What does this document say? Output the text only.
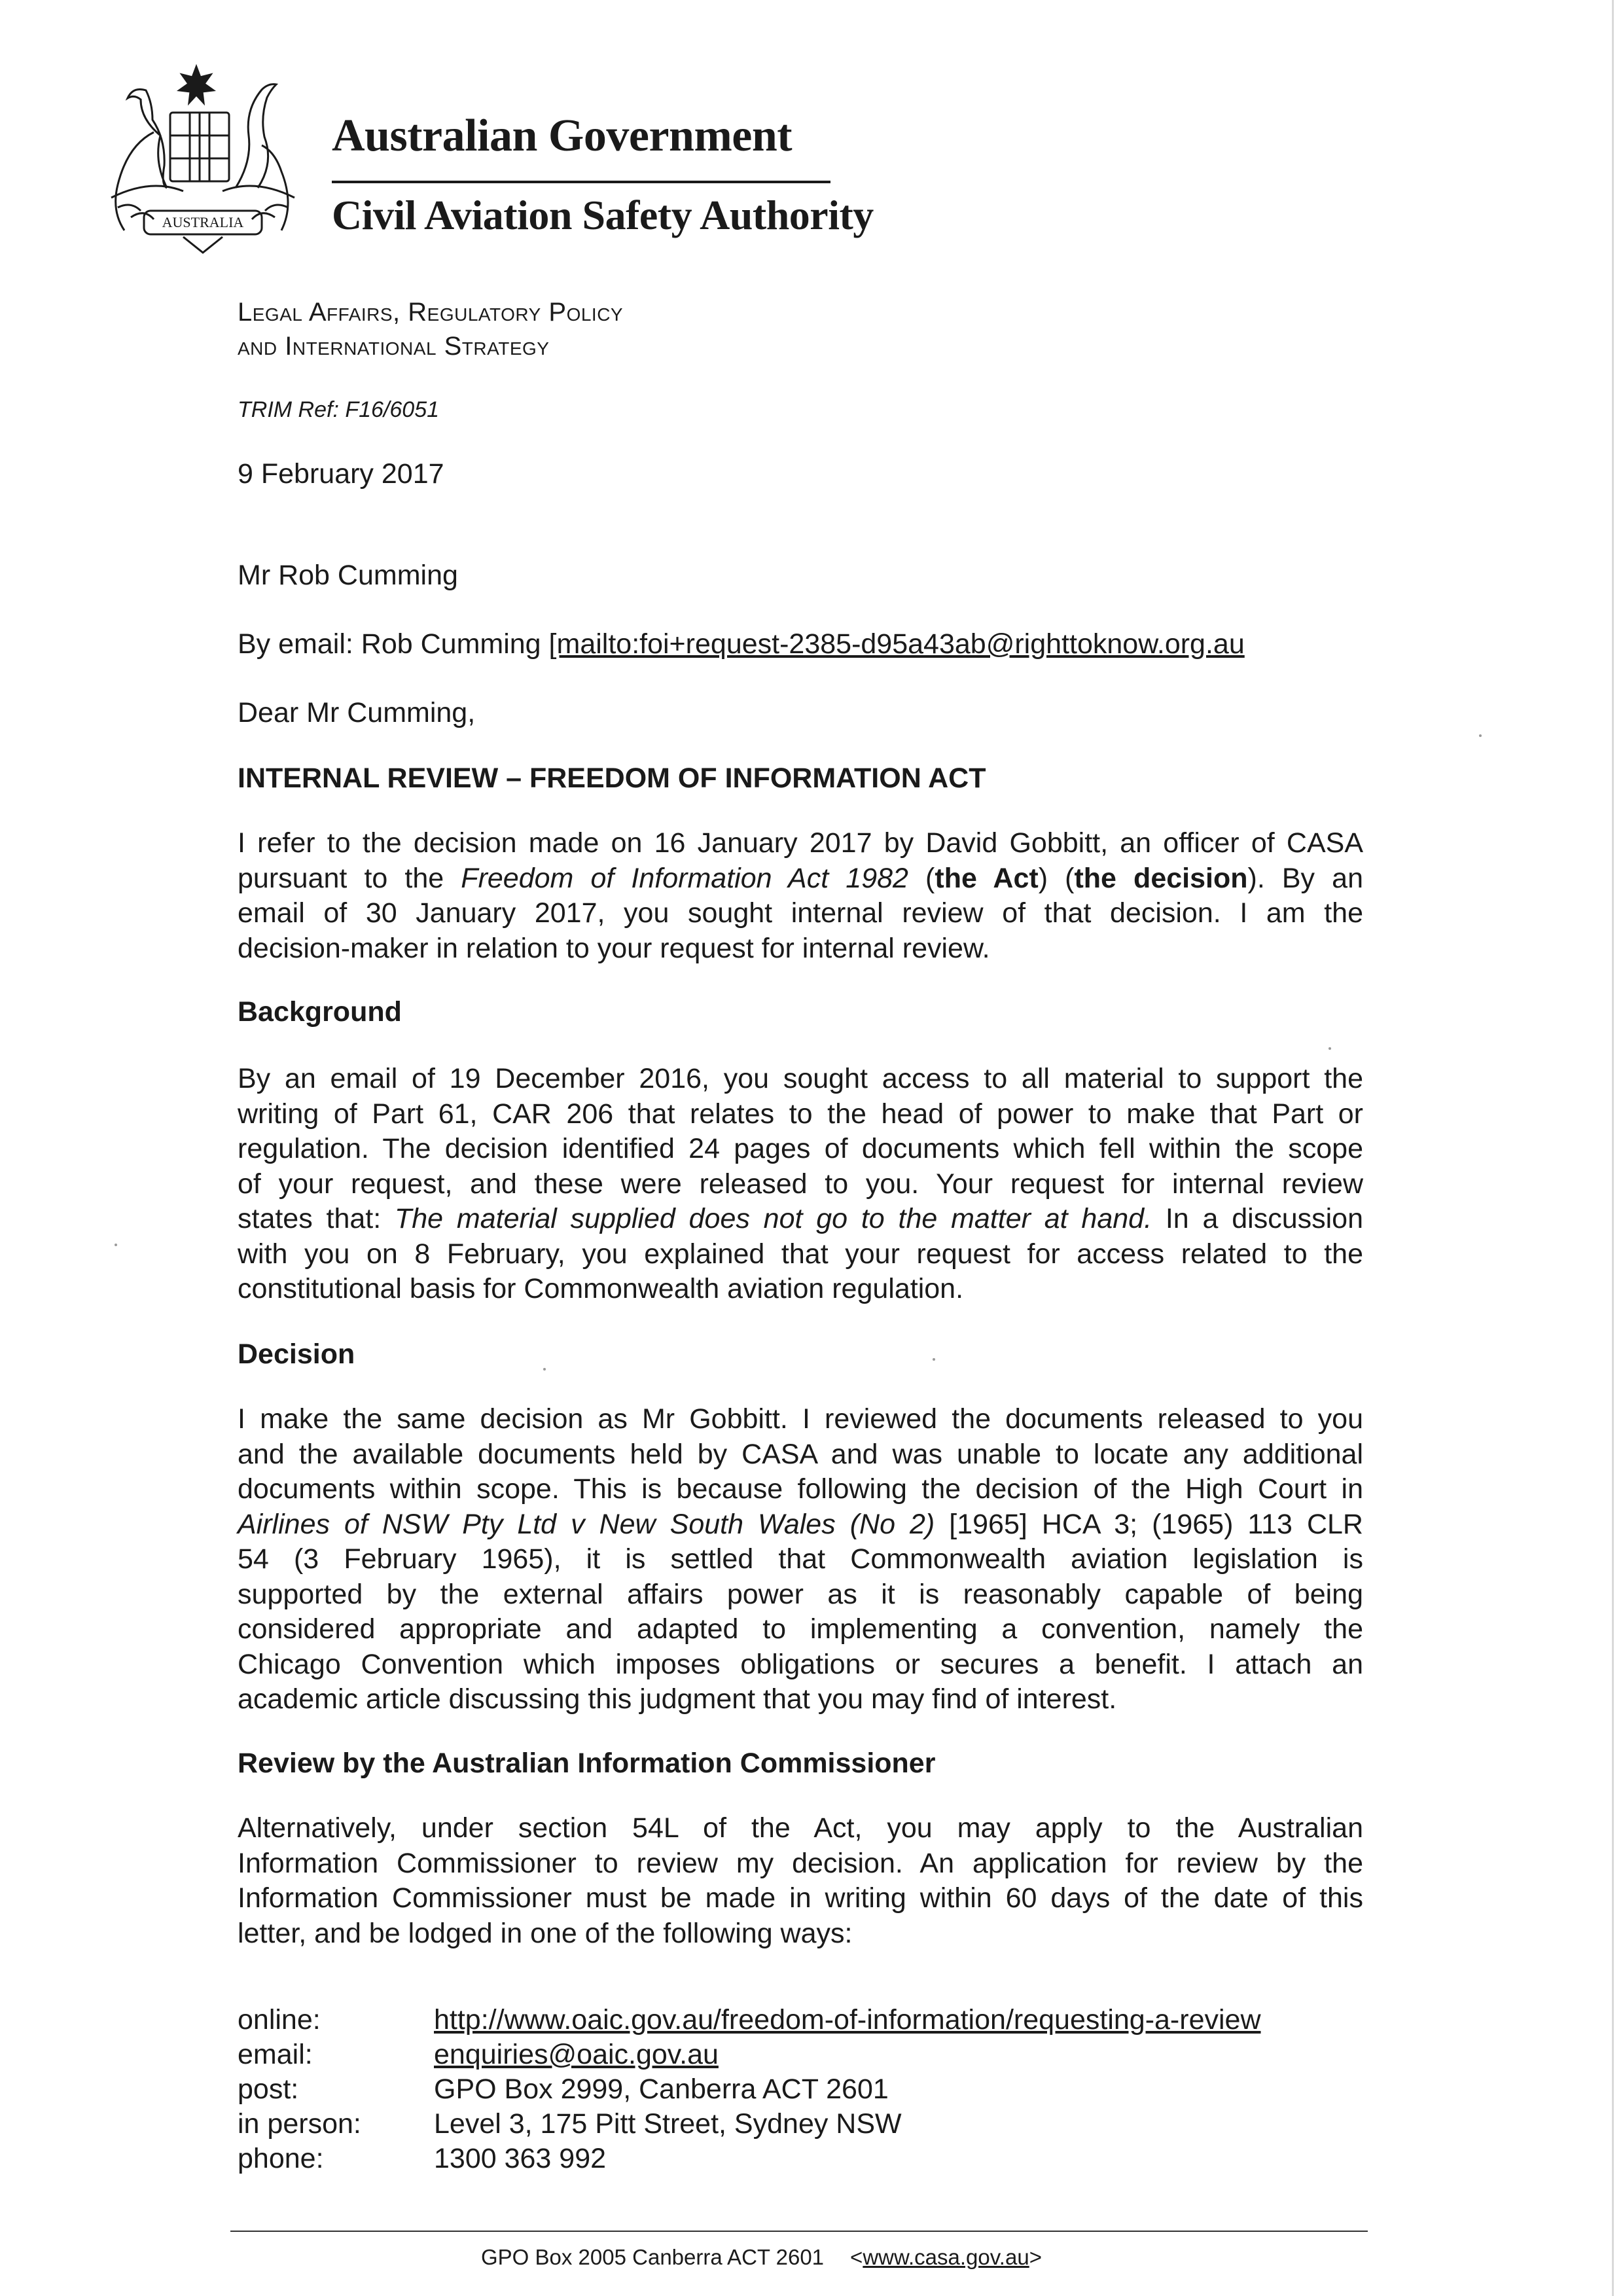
AUSTRALIA
Australian Government
Civil Aviation Safety Authority
Legal Affairs, Regulatory Policy
and International Strategy
TRIM Ref: F16/6051
9 February 2017
Mr Rob Cumming
By email: Rob Cumming [mailto:foi+request-2385-d95a43ab@righttoknow.org.au
Dear Mr Cumming,
INTERNAL REVIEW – FREEDOM OF INFORMATION ACT

I refer to the decision made on 16 January 2017 by David Gobbitt, an officer of CASA

pursuant to the Freedom of Information Act 1982 (the Act) (the decision). By an

email of 30 January 2017, you sought internal review of that decision. I am the

decision-maker in relation to your request for internal review.

Background

By an email of 19 December 2016, you sought access to all material to support the

writing of Part 61, CAR 206 that relates to the head of power to make that Part or

regulation. The decision identified 24 pages of documents which fell within the scope

of your request, and these were released to you. Your request for internal review

states that: The material supplied does not go to the matter at hand. In a discussion

with you on 8 February, you explained that your request for access related to the

constitutional basis for Commonwealth aviation regulation.

Decision

I make the same decision as Mr Gobbitt. I reviewed the documents released to you

and the available documents held by CASA and was unable to locate any additional

documents within scope. This is because following the decision of the High Court in

Airlines of NSW Pty Ltd v New South Wales (No 2) [1965] HCA 3; (1965) 113 CLR

54 (3 February 1965), it is settled that Commonwealth aviation legislation is

supported by the external affairs power as it is reasonably capable of being

considered appropriate and adapted to implementing a convention, namely the

Chicago Convention which imposes obligations or secures a benefit. I attach an

academic article discussing this judgment that you may find of interest.

Review by the Australian Information Commissioner

Alternatively, under section 54L of the Act, you may apply to the Australian

Information Commissioner to review my decision. An application for review by the

Information Commissioner must be made in writing within 60 days of the date of this

letter, and be lodged in one of the following ways:

online:	http://www.oaic.gov.au/freedom-of-information/requesting-a-review
email:	enquiries@oaic.gov.au
post:	GPO Box 2999, Canberra ACT 2601
in person:	Level 3, 175 Pitt Street, Sydney NSW
phone:	1300 363 992
GPO Box 2005 Canberra ACT 2601 <www.casa.gov.au>
